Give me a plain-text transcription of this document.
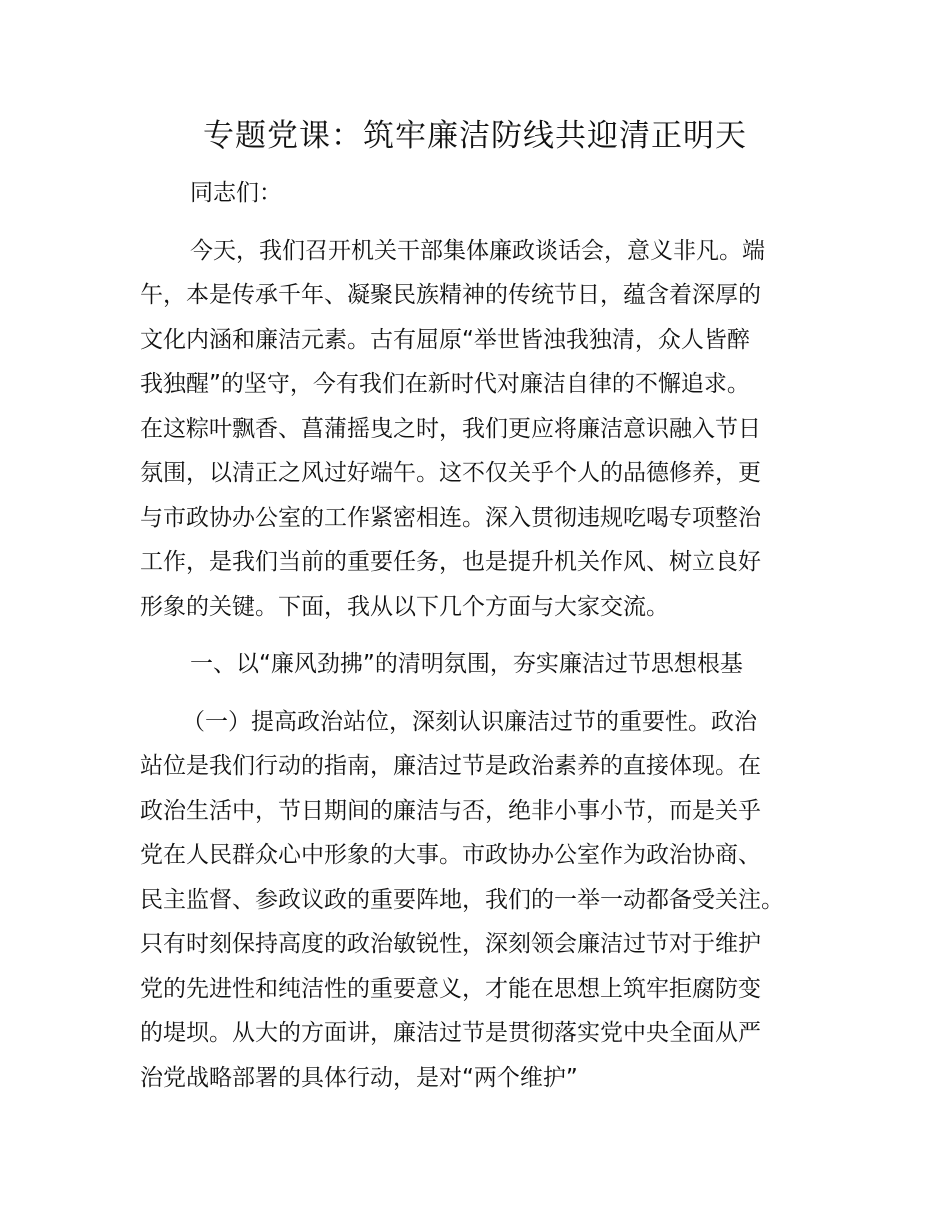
专题党课：筑牢廉洁防线共迎清正明天
同志们：
今天，我们召开机关干部集体廉政谈话会，意义非凡。端
午，本是传承千年、凝聚民族精神的传统节日，蕴含着深厚的
文化内涵和廉洁元素。古有屈原“举世皆浊我独清，众人皆醉
我独醒”的坚守，今有我们在新时代对廉洁自律的不懈追求。
在这粽叶飘香、菖蒲摇曳之时，我们更应将廉洁意识融入节日
氛围，以清正之风过好端午。这不仅关乎个人的品德修养，更
与市政协办公室的工作紧密相连。深入贯彻违规吃喝专项整治
工作，是我们当前的重要任务，也是提升机关作风、树立良好
形象的关键。下面，我从以下几个方面与大家交流。
一、以“廉风劲拂”的清明氛围，夯实廉洁过节思想根基
（一）提高政治站位，深刻认识廉洁过节的重要性。政治
站位是我们行动的指南，廉洁过节是政治素养的直接体现。在
政治生活中，节日期间的廉洁与否，绝非小事小节，而是关乎
党在人民群众心中形象的大事。市政协办公室作为政治协商、
民主监督、参政议政的重要阵地，我们的一举一动都备受关注。
只有时刻保持高度的政治敏锐性，深刻领会廉洁过节对于维护
党的先进性和纯洁性的重要意义，才能在思想上筑牢拒腐防变
的堤坝。从大的方面讲，廉洁过节是贯彻落实党中央全面从严
治党战略部署的具体行动，是对“两个维护”
